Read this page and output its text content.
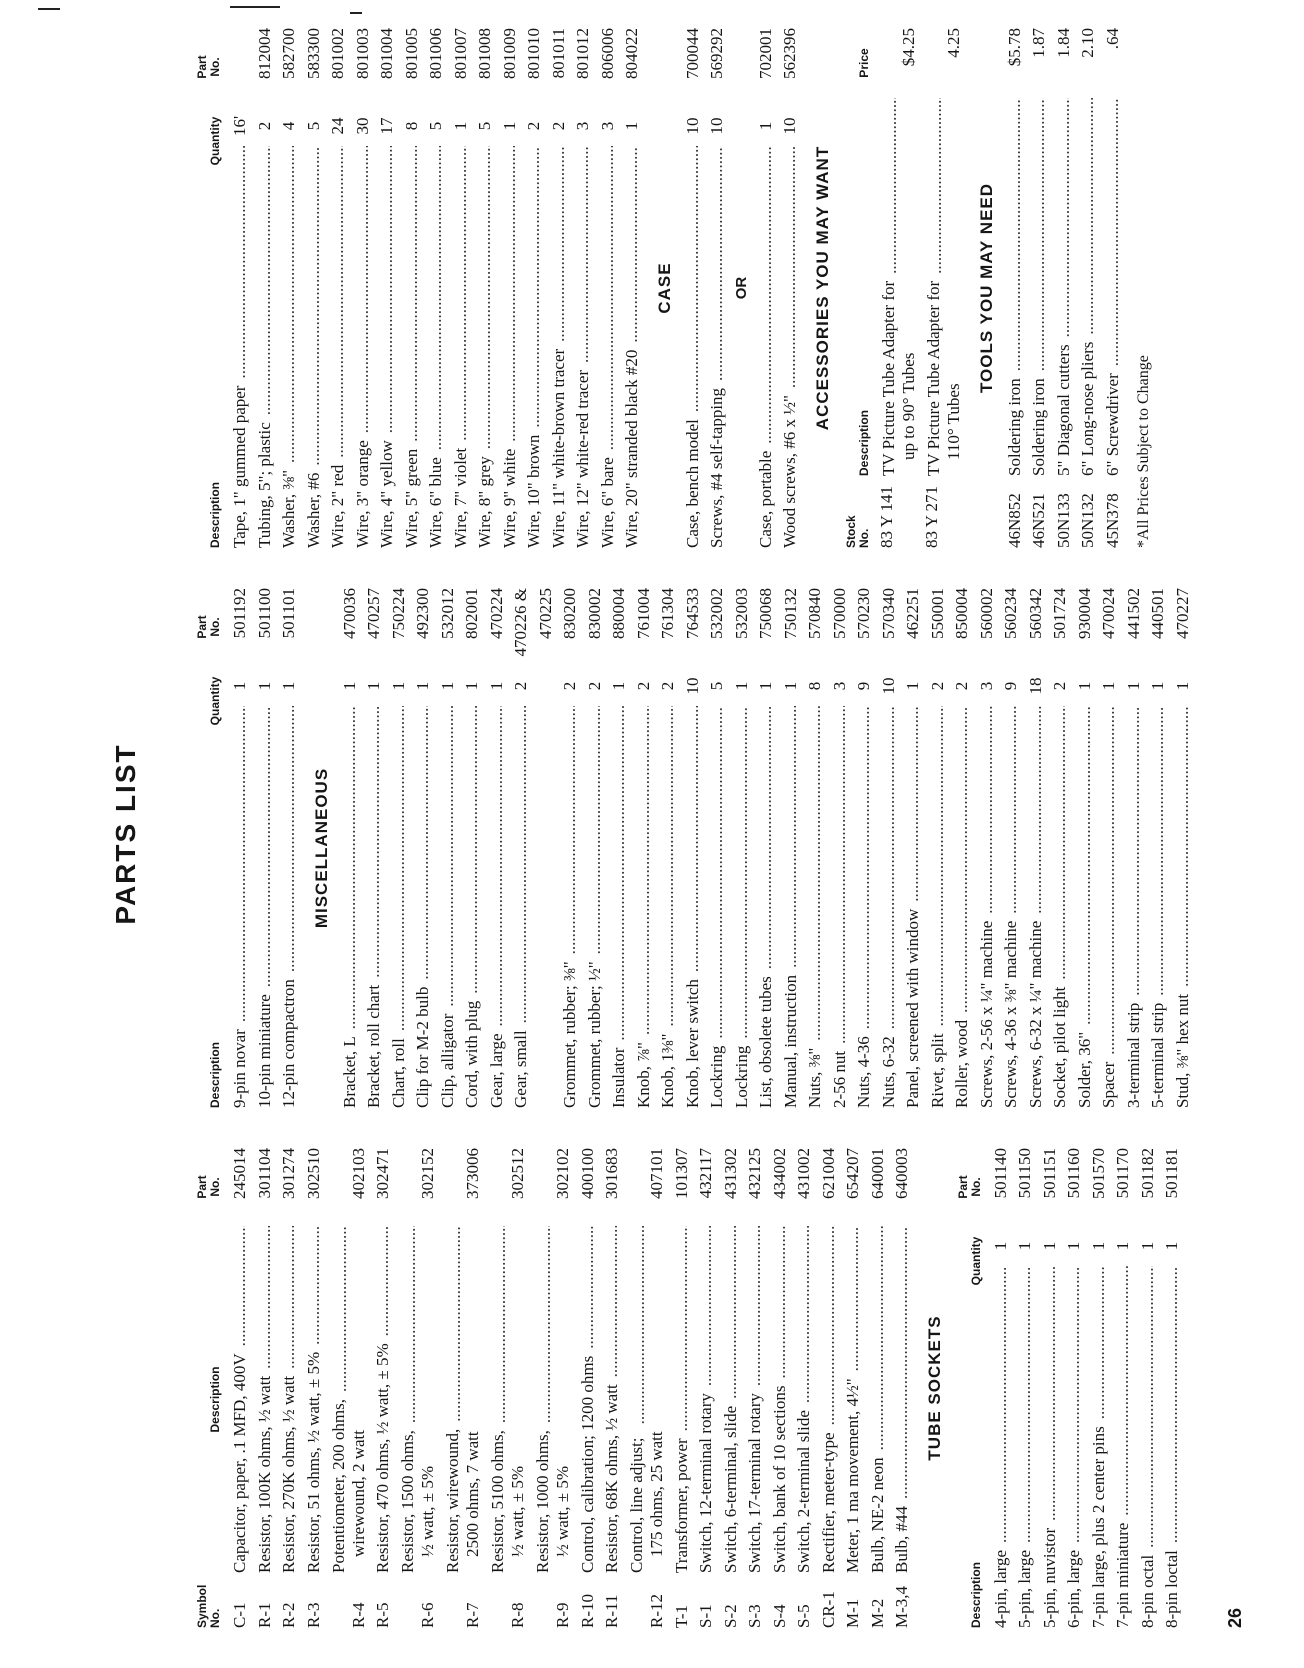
PARTS LIST
26
Symbol
No.
Description
Part
No.
C-1
Capacitor, paper, .1 MFD, 400V .....
245014
R-1
Resistor, 100K ohms, ½ watt .....
301104
R-2
Resistor, 270K ohms, ½ watt .....
301274
R-3
Resistor, 51 ohms, ½ watt, ± 5% .....
302510
R-4
Potentiometer, 200 ohms, wirewound, 2 watt
.....
402103
R-5
Resistor, 470 ohms, ½ watt, ± 5% .....
302471
R-6
Resistor, 1500 ohms, ½ watt, ± 5%
.....
302152
R-7
Resistor, wirewound, 2500 ohms, 7 watt
.....
373006
R-8
Resistor, 5100 ohms, ½ watt, ± 5%
.....
302512
R-9
Resistor, 1000 ohms, ½ watt, ± 5%
.....
302102
R-10
Control, calibration; 1200 ohms .....
400100
R-11
Resistor, 68K ohms, ½ watt .....
301683
R-12
Control, line adjust; 175 ohms, 25 watt
.....
407101
T-1
Transformer, power .....
101307
S-1
Switch, 12-terminal rotary .....
432117
S-2
Switch, 6-terminal, slide .....
431302
S-3
Switch, 17-terminal rotary .....
432125
S-4
Switch, bank of 10 sections .....
434002
S-5
Switch, 2-terminal slide .....
431002
CR-1
Rectifier, meter-type .....
621004
M-1
Meter, 1 ma movement, 4½" .....
654207
M-2
Bulb, NE-2 neon .....
640001
M-3,4
Bulb, #44 .....
640003
TUBE SOCKETS
Description
Quantity
Part
No.
4-pin, large .....
1
501140
5-pin, large .....
1
501150
5-pin, nuvistor .....
1
501151
6-pin, large .....
1
501160
7-pin large, plus 2 center pins .....
1
501570
7-pin miniature .....
1
501170
8-pin octal .....
1
501182
8-pin loctal .....
1
501181
Description
Quantity
Part
No.
9-pin novar .....
1
501192
10-pin miniature .....
1
501100
12-pin compactron .....
1
501101
MISCELLANEOUS
Bracket, L .....
1
470036
Bracket, roll chart .....
1
470257
Chart, roll .....
1
750224
Clip for M-2 bulb .....
1
492300
Clip, alligator .....
1
532012
Cord, with plug .....
1
802001
Gear, large .....
1
470224
Gear, small .....
2
470226 & 470225
Grommet, rubber; ⅜" .....
2
830200
Grommet, rubber; ½" .....
2
830002
Insulator .....
1
880004
Knob, ⅞" .....
2
761004
Knob, 1⅜" .....
2
761304
Knob, lever switch .....
10
764533
Lockring .....
5
532002
Lockring .....
1
532003
List, obsolete tubes .....
1
750068
Manual, instruction .....
1
750132
Nuts, ⅜" .....
8
570840
2-56 nut .....
3
570000
Nuts, 4-36 .....
9
570230
Nuts, 6-32 .....
10
570340
Panel, screened with window .....
1
462251
Rivet, split .....
2
550001
Roller, wood .....
2
850004
Screws, 2-56 x ¼" machine .....
3
560002
Screws, 4-36 x ⅜" machine .....
9
560234
Screws, 6-32 x ¼" machine .....
18
560342
Socket, pilot light .....
2
501724
Solder, 36" .....
1
930004
Spacer .....
1
470024
3-terminal strip .....
1
441502
5-terminal strip .....
1
440501
Stud, ⅜" hex nut .....
1
470227
Description
Quantity
Part
No.
Tape, 1" gummed paper .....
16'
Tubing, 5"; plastic .....
2
812004
Washer, ⅜" .....
4
582700
Washer, #6 .....
5
583300
Wire, 2" red .....
24
801002
Wire, 3" orange .....
30
801003
Wire, 4" yellow .....
17
801004
Wire, 5" green .....
8
801005
Wire, 6" blue .....
5
801006
Wire, 7" violet .....
1
801007
Wire, 8" grey .....
5
801008
Wire, 9" white .....
1
801009
Wire, 10" brown .....
2
801010
Wire, 11" white-brown tracer .....
2
801011
Wire, 12" white-red tracer .....
3
801012
Wire, 6" bare .....
3
806006
Wire, 20" stranded black #20 .....
1
804022
CASE
Case, bench model .....
10
700044
Screws, #4 self-tapping .....
10
569292
OR
Case, portable .....
1
702001
Wood screws, #6 x ½" .....
10
562396
ACCESSORIES YOU MAY WANT
Stock
No.
Description
Price
83 Y 141
TV Picture Tube Adapter for up to 90° Tubes
.....
$4.25
83 Y 271
TV Picture Tube Adapter for 110° Tubes
.....
4.25
TOOLS YOU MAY NEED
46N852
Soldering iron .....
$5.78
46N521
Soldering iron .....
1.87
50N133
5" Diagonal cutters .....
1.84
50N132
6" Long-nose pliers .....
2.10
45N378
6" Screwdriver .....
.64
*All Prices Subject to Change
